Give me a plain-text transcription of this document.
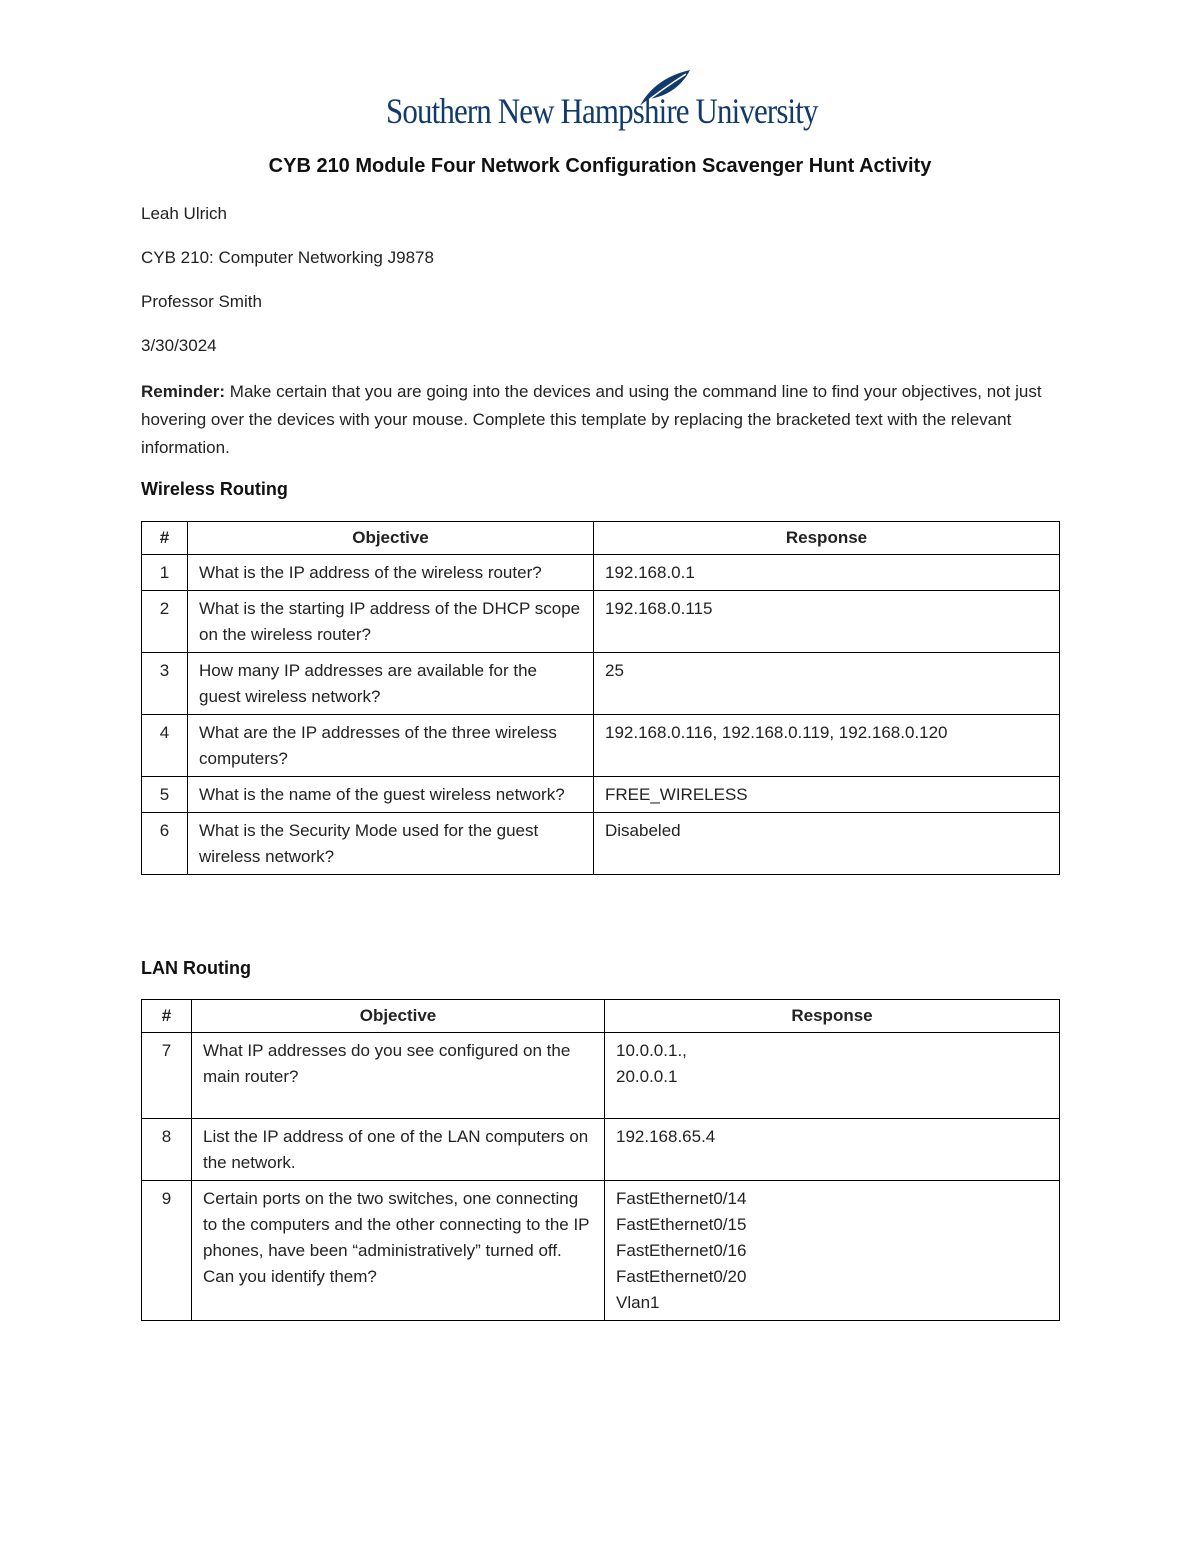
Southern New Hampshire University
CYB 210 Module Four Network Configuration Scavenger Hunt Activity
Leah Ulrich
CYB 210: Computer Networking J9878
Professor Smith
3/30/3024
Reminder: Make certain that you are going into the devices and using the command line to find your objectives, not just hovering over the devices with your mouse. Complete this template by replacing the bracketed text with the relevant information.
Wireless Routing
#	Objective	Response
1	What is the IP address of the wireless router?	192.168.0.1
2	What is the starting IP address of the DHCP scope on the wireless router?	192.168.0.115
3	How many IP addresses are available for the guest wireless network?	25
4	What are the IP addresses of the three wireless computers?	192.168.0.116, 192.168.0.119, 192.168.0.120
5	What is the name of the guest wireless network?	FREE_WIRELESS
6	What is the Security Mode used for the guest wireless network?	Disabeled
LAN Routing
#	Objective	Response
7	What IP addresses do you see configured on the main router?	10.0.0.1.,
20.0.0.1

8	List the IP address of one of the LAN computers on the network.	192.168.65.4

9	Certain ports on the two switches, one connecting to the computers and the other connecting to the IP phones, have been “administratively” turned off. Can you identify them?	FastEthernet0/14
FastEthernet0/15
FastEthernet0/16
FastEthernet0/20
Vlan1
